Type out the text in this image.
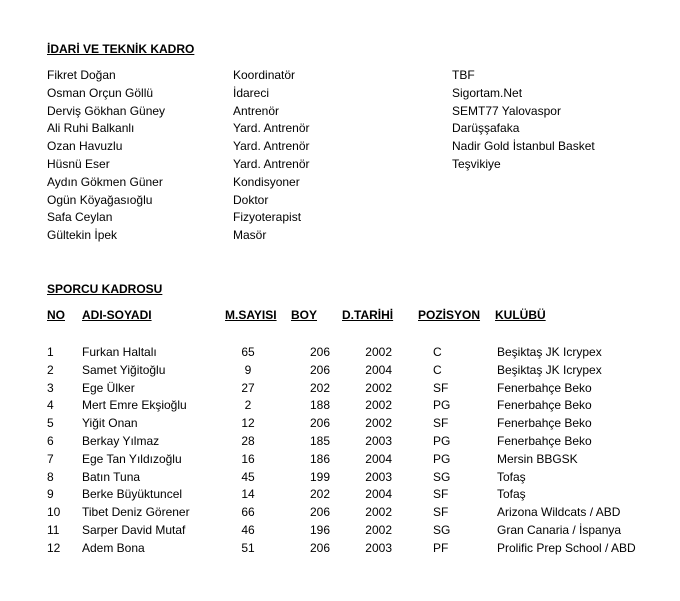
İDARİ VE TEKNİK KADRO
Fikret Doğan	Koordinatör	TBF
Osman Orçun Göllü	İdareci	Sigortam.Net
Derviş Gökhan Güney	Antrenör	SEMT77 Yalovaspor
Ali Ruhi Balkanlı	Yard. Antrenör	Darüşşafaka
Ozan Havuzlu	Yard. Antrenör	Nadir Gold İstanbul Basket
Hüsnü Eser	Yard. Antrenör	Teşvikiye
Aydın Gökmen Güner	Kondisyoner
Ogün Köyağasıoğlu	Doktor
Safa Ceylan	Fizyoterapist
Gültekin İpek	Masör
SPORCU KADROSU
NO ADI-SOYADI	M.SAYISI BOY D.TARİHİ POZİSYON KULÜBÜ
1 Furkan Haltalı	65	206	2002	C	Beşiktaş JK Icrypex
2 Samet Yiğitoğlu	9	206	2004	C	Beşiktaş JK Icrypex
3 Ege Ülker	27	202	2002	SF	Fenerbahçe Beko
4 Mert Emre Ekşioğlu	2	188	2002	PG	Fenerbahçe Beko
5 Yiğit Onan	12	206	2002	SF	Fenerbahçe Beko
6 Berkay Yılmaz	28	185	2003	PG	Fenerbahçe Beko
7 Ege Tan Yıldızoğlu	16	186	2004	PG	Mersin BBGSK
8 Batın Tuna	45	199	2003	SG	Tofaş
9 Berke Büyüktuncel	14	202	2004	SF	Tofaş
10 Tibet Deniz Görener	66	206	2002	SF	Arizona Wildcats / ABD
11 Sarper David Mutaf	46	196	2002	SG	Gran Canaria / İspanya
12 Adem Bona	51	206	2003	PF	Prolific Prep School / ABD
